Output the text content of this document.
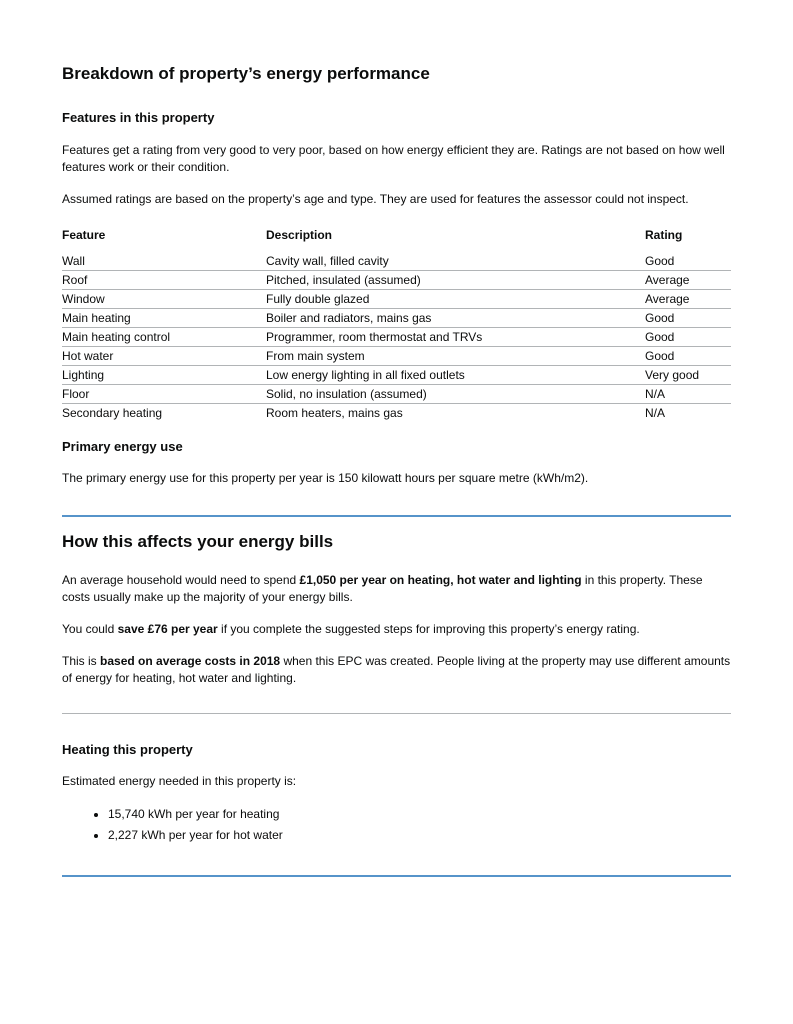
Breakdown of property’s energy performance
Features in this property

Features get a rating from very good to very poor, based on how energy efficient they are. Ratings are not based on how well features work or their condition.

Assumed ratings are based on the property’s age and type. They are used for features the assessor could not inspect.

Feature	Description	Rating
Wall	Cavity wall, filled cavity	Good
Roof	Pitched, insulated (assumed)	Average
Window	Fully double glazed	Average
Main heating	Boiler and radiators, mains gas	Good
Main heating control	Programmer, room thermostat and TRVs	Good
Hot water	From main system	Good
Lighting	Low energy lighting in all fixed outlets	Very good
Floor	Solid, no insulation (assumed)	N/A
Secondary heating	Room heaters, mains gas	N/A
Primary energy use

The primary energy use for this property per year is 150 kilowatt hours per square metre (kWh/m2).

How this affects your energy bills

An average household would need to spend £1,050 per year on heating, hot water and lighting in this property. These costs usually make up the majority of your energy bills.

You could save £76 per year if you complete the suggested steps for improving this property’s energy rating.

This is based on average costs in 2018 when this EPC was created. People living at the property may use different amounts of energy for heating, hot water and lighting.

Heating this property

Estimated energy needed in this property is:

• 15,740 kWh per year for heating
• 2,227 kWh per year for hot water
